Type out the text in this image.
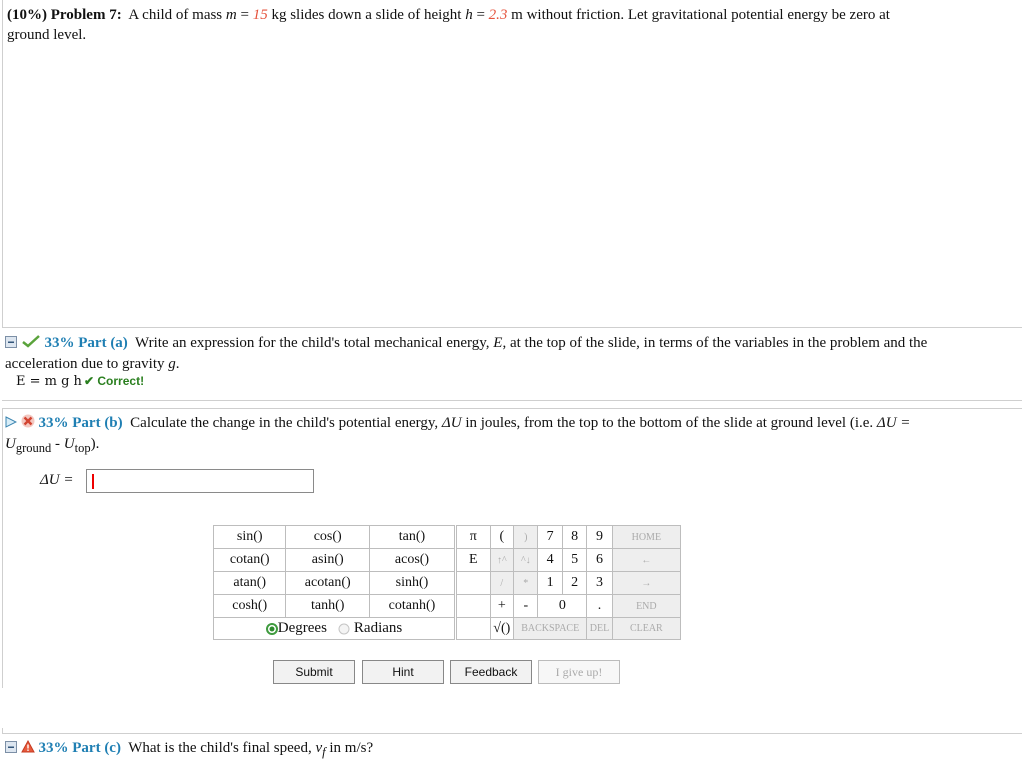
(10%) Problem 7: A child of mass m = 15 kg slides down a slide of height h = 2.3 m without friction. Let gravitational potential energy be zero at
ground level.
33% Part (a) Write an expression for the child's total mechanical energy, E, at the top of the slide, in terms of the variables in the problem and the
acceleration due to gravity g.
E = m g h ✔ Correct!
33% Part (b) Calculate the change in the child's potential energy, ΔU in joules, from the top to the bottom of the slide at ground level (i.e. ΔU =
$U_{ground} - U_{top}$).
ΔU =
sin()	cos()	tan()
cotan()	asin()	acos()
atan()	acotan()	sinh()
cosh()	tanh()	cotanh()
Degrees Radians		
π	(	)	7	8	9	HOME
E	↑^	^↓	4	5	6	←
	/	*	1	2	3	→
	+	-	0		.	END
	√()	BACKSPACE			DEL	CLEAR
Submit	Hint	Feedback	I give up!
33% Part (c) What is the child's final speed, $v_f$ in m/s?
